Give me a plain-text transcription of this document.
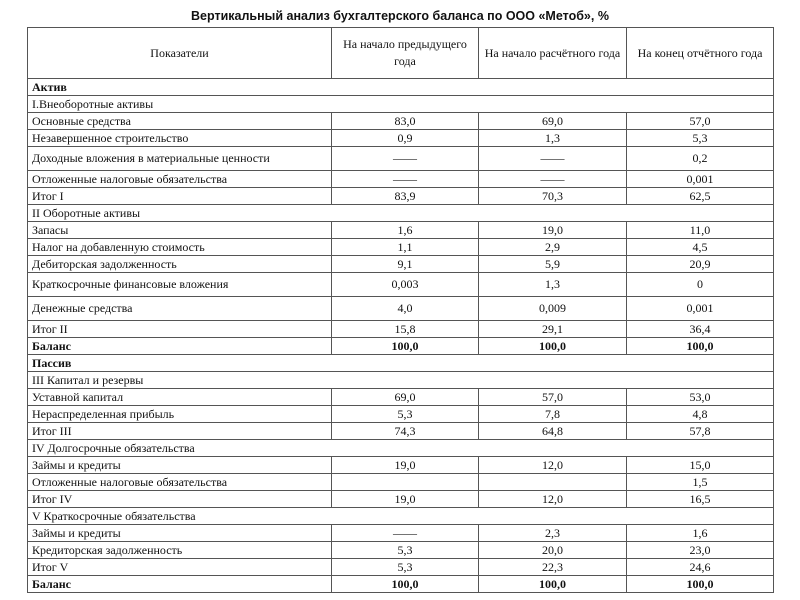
Вертикальный анализ бухгалтерского баланса по ООО «Метоб», %
Показатели	На начало предыдущего года	На начало расчётного года	На конец отчётного года
Актив			
I.Внеоборотные активы			
Основные средства	83,0	69,0	57,0
Незавершенное строительство	0,9	1,3	5,3
Доходные вложения в материальные ценности	——	——	0,2
Отложенные налоговые обязательства	——	——	0,001
Итог I	83,9	70,3	62,5
II Оборотные активы			
Запасы	1,6	19,0	11,0
Налог на добавленную стоимость	1,1	2,9	4,5
Дебиторская задолженность	9,1	5,9	20,9
Краткосрочные финансовые вложения	0,003	1,3	0
Денежные средства	4,0	0,009	0,001
Итог II	15,8	29,1	36,4
Баланс	100,0	100,0	100,0
Пассив			
III Капитал и резервы			
Уставной капитал	69,0	57,0	53,0
Нераспределенная прибыль	5,3	7,8	4,8
Итог III	74,3	64,8	57,8
IV Долгосрочные обязательства			
Займы и кредиты	19,0	12,0	15,0
Отложенные налоговые обязательства			1,5
Итог IV	19,0	12,0	16,5
V Краткосрочные обязательства			
Займы и кредиты	——	2,3	1,6
Кредиторская задолженность	5,3	20,0	23,0
Итог V	5,3	22,3	24,6
Баланс	100,0	100,0	100,0
